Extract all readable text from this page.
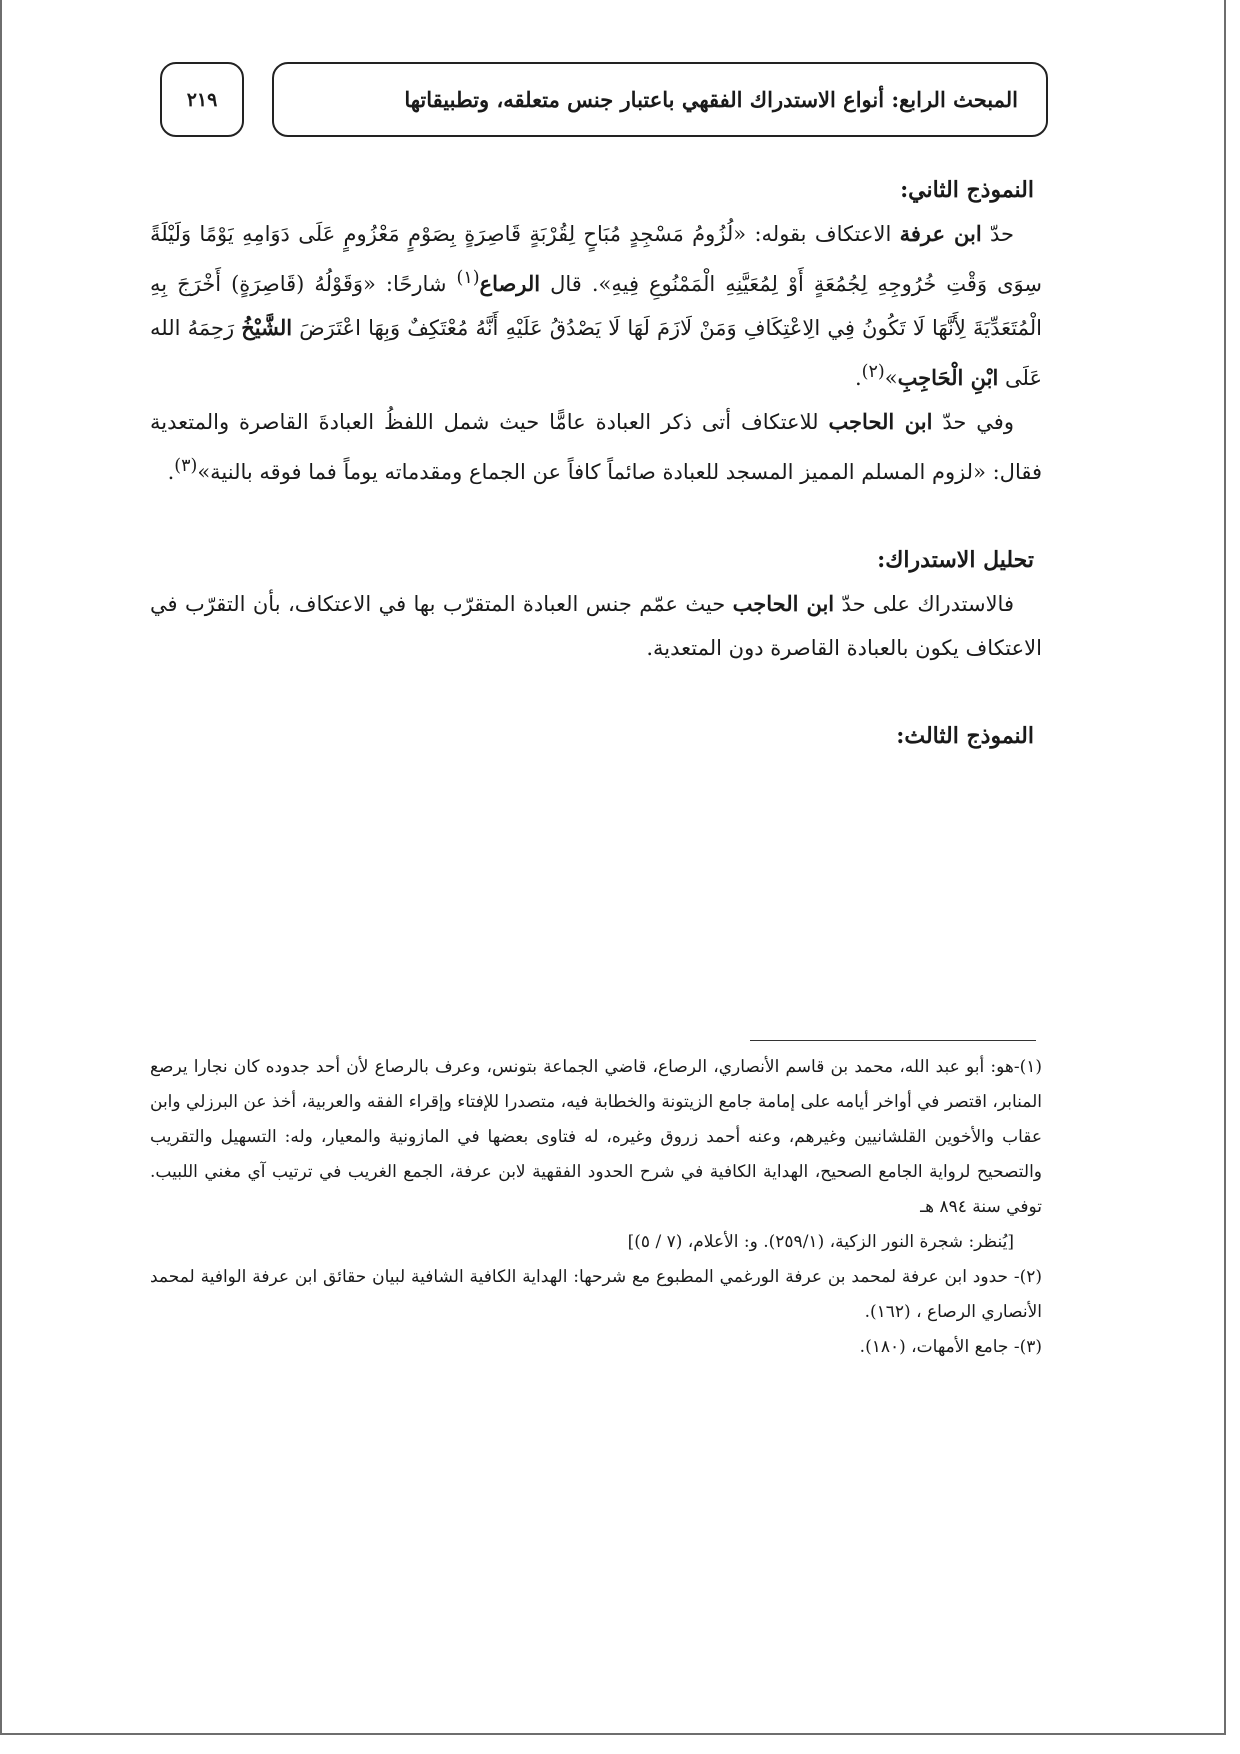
٢١٩	المبحث الرابع: أنواع الاستدراك الفقهي باعتبار جنس متعلقه، وتطبيقاتها

النموذج الثاني:

حدّ ابن عرفة الاعتكاف بقوله: «لُزُومُ مَسْجِدٍ مُبَاحٍ لِقُرْبَةٍ قَاصِرَةٍ بِصَوْمٍ مَعْزُومٍ عَلَى دَوَامِهِ يَوْمًا وَلَيْلَةً سِوَى وَقْتِ خُرُوجِهِ لِجُمُعَةٍ أَوْ لِمُعَيَّنِهِ الْمَمْنُوعِ فِيهِ». قال الرصاع$^{(١)}$ شارحًا: «وَقَوْلُهُ (قَاصِرَةٍ) أَخْرَجَ بِهِ الْمُتَعَدِّيَةَ لِأَنَّهَا لَا تَكُونُ فِي الِاعْتِكَافِ وَمَنْ لَازَمَ لَهَا لَا يَصْدُقُ عَلَيْهِ أَنَّهُ مُعْتَكِفٌ وَبِهَا اعْتَرَضَ الشَّيْخُ رَحِمَهُ الله عَلَى ابْنِ الْحَاجِبِ»$^{(٢)}$.

وفي حدّ ابن الحاجب للاعتكاف أتى ذكر العبادة عامًّا حيث شمل اللفظُ العبادةَ القاصرة والمتعدية فقال: «لزوم المسلم المميز المسجد للعبادة صائماً كافاً عن الجماع ومقدماته يوماً فما فوقه بالنية»$^{(٣)}$.

تحليل الاستدراك:

فالاستدراك على حدّ ابن الحاجب حيث عمّم جنس العبادة المتقرّب بها في الاعتكاف، بأن التقرّب في الاعتكاف يكون بالعبادة القاصرة دون المتعدية.

النموذج الثالث:

(١)-هو: أبو عبد الله، محمد بن قاسم الأنصاري، الرصاع، قاضي الجماعة بتونس، وعرف بالرصاع لأن أحد جدوده كان نجارا يرصع المنابر، اقتصر في أواخر أيامه على إمامة جامع الزيتونة والخطابة فيه، متصدرا للإفتاء وإقراء الفقه والعربية، أخذ عن البرزلي وابن عقاب والأخوين القلشانيين وغيرهم، وعنه أحمد زروق وغيره، له فتاوى بعضها في المازونية والمعيار، وله: التسهيل والتقريب والتصحيح لرواية الجامع الصحيح، الهداية الكافية في شرح الحدود الفقهية لابن عرفة، الجمع الغريب في ترتيب آي مغني اللبيب. توفي سنة ٨٩٤ هـ

[يُنظر: شجرة النور الزكية، (٢٥٩/١). و: الأعلام، (٧ / ٥)]

(٢)- حدود ابن عرفة لمحمد بن عرفة الورغمي المطبوع مع شرحها: الهداية الكافية الشافية لبيان حقائق ابن عرفة الوافية لمحمد الأنصاري الرصاع ، (١٦٢).

(٣)- جامع الأمهات، (١٨٠).
